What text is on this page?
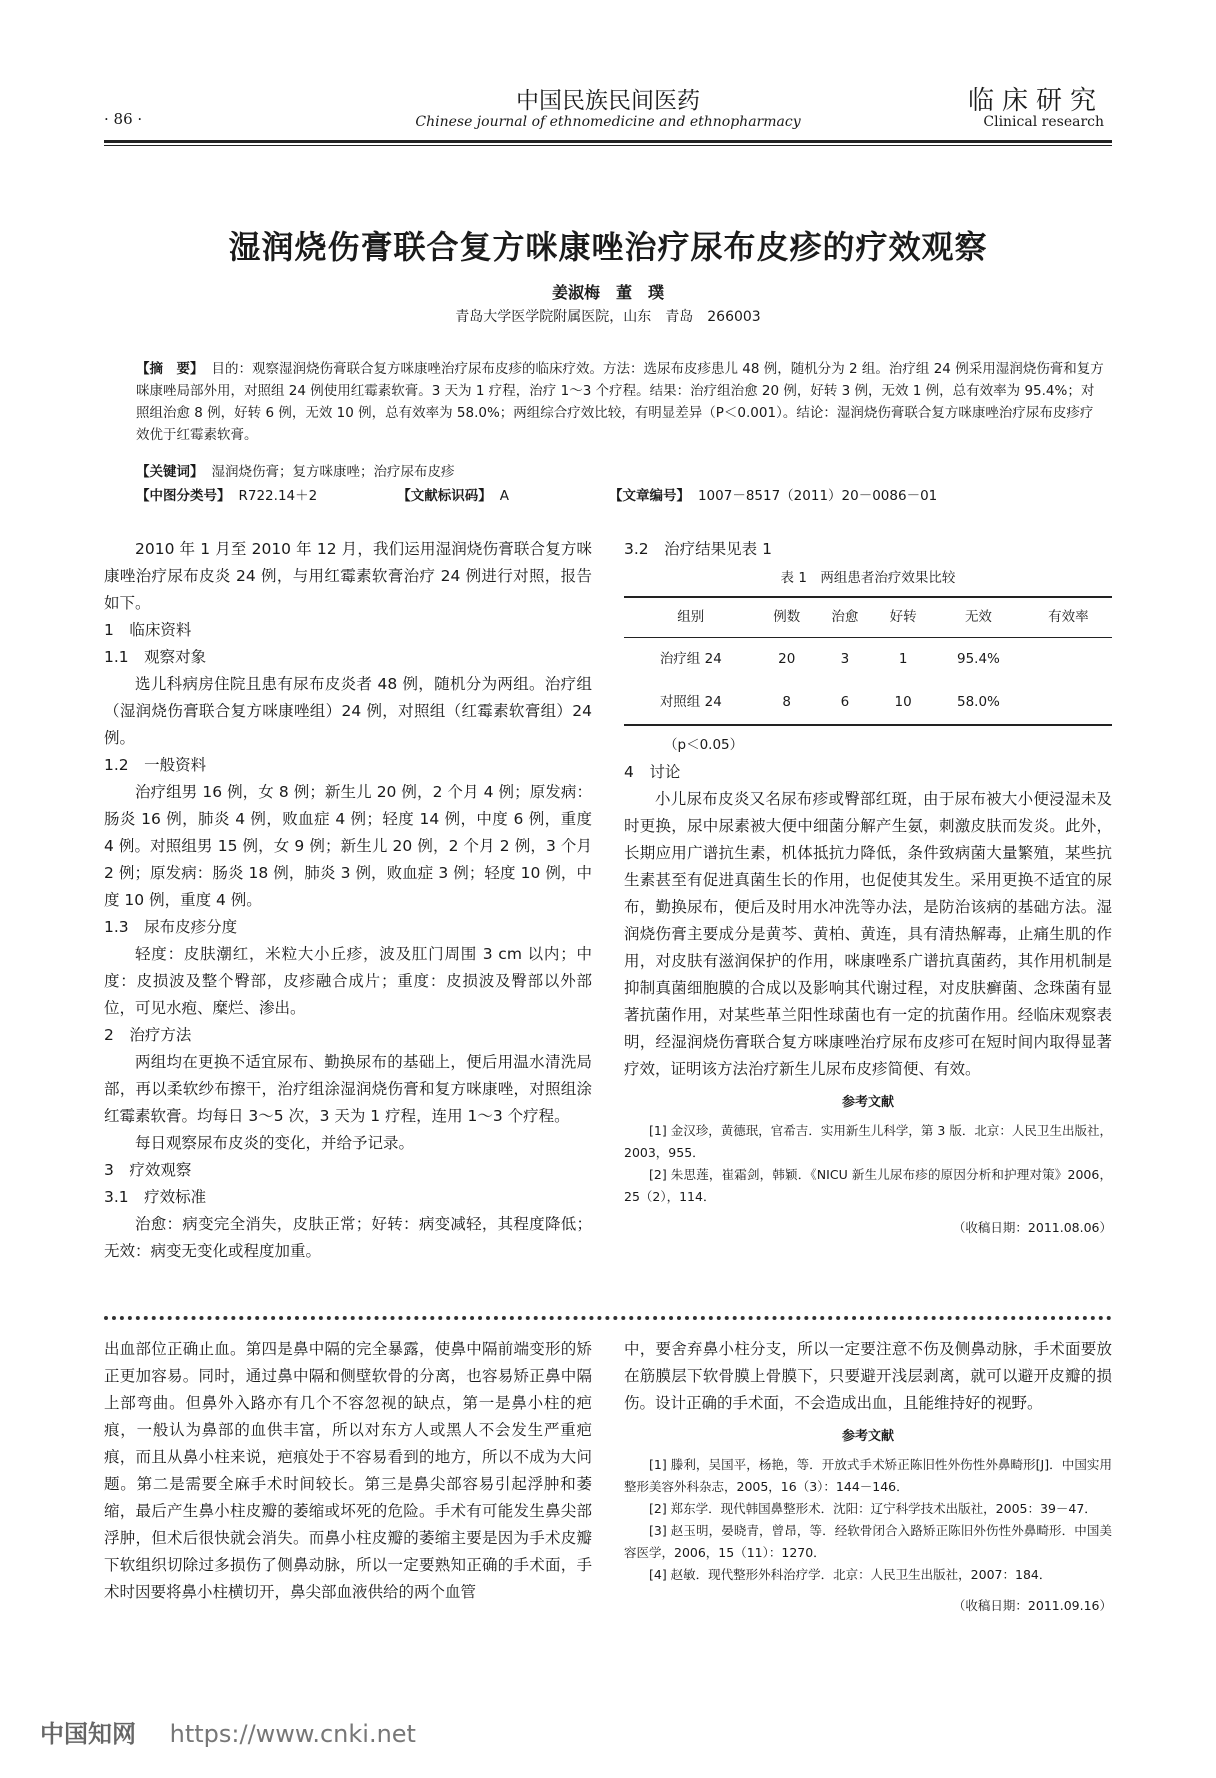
· 86 ·
中国民族民间医药
Chinese journal of ethnomedicine and ethnopharmacy
临床研究
Clinical research
湿润烧伤膏联合复方咪康唑治疗尿布皮疹的疗效观察
姜淑梅　董　璞
青岛大学医学院附属医院，山东　青岛　266003
【摘　要】 目的：观察湿润烧伤膏联合复方咪康唑治疗尿布皮疹的临床疗效。方法：选尿布皮疹患儿 48 例，随机分为 2 组。治疗组 24 例采用湿润烧伤膏和复方咪康唑局部外用，对照组 24 例使用红霉素软膏。3 天为 1 疗程，治疗 1～3 个疗程。结果：治疗组治愈 20 例，好转 3 例，无效 1 例，总有效率为 95.4%；对照组治愈 8 例，好转 6 例，无效 10 例，总有效率为 58.0%；两组综合疗效比较，有明显差异（P＜0.001）。结论：湿润烧伤膏联合复方咪康唑治疗尿布皮疹疗效优于红霉素软膏。
【关键词】 湿润烧伤膏；复方咪康唑；治疗尿布皮疹
【中图分类号】 R722.14＋2	【文献标识码】 A	【文章编号】 1007－8517（2011）20－0086－01

2010 年 1 月至 2010 年 12 月，我们运用湿润烧伤膏联合复方咪康唑治疗尿布皮炎 24 例，与用红霉素软膏治疗 24 例进行对照，报告如下。

1　临床资料
1.1　观察对象

选儿科病房住院且患有尿布皮炎者 48 例，随机分为两组。治疗组（湿润烧伤膏联合复方咪康唑组）24 例，对照组（红霉素软膏组）24 例。

1.2　一般资料

治疗组男 16 例，女 8 例；新生儿 20 例，2 个月 4 例；原发病：肠炎 16 例，肺炎 4 例，败血症 4 例；轻度 14 例，中度 6 例，重度 4 例。对照组男 15 例，女 9 例；新生儿 20 例，2 个月 2 例，3 个月 2 例；原发病：肠炎 18 例，肺炎 3 例，败血症 3 例；轻度 10 例，中度 10 例，重度 4 例。

1.3　尿布皮疹分度

轻度：皮肤潮红，米粒大小丘疹，波及肛门周围 3 cm 以内；中度：皮损波及整个臀部，皮疹融合成片；重度：皮损波及臀部以外部位，可见水疱、糜烂、渗出。

2　治疗方法

两组均在更换不适宜尿布、勤换尿布的基础上，便后用温水清洗局部，再以柔软纱布擦干，治疗组涂湿润烧伤膏和复方咪康唑，对照组涂红霉素软膏。均每日 3～5 次，3 天为 1 疗程，连用 1～3 个疗程。

每日观察尿布皮炎的变化，并给予记录。

3　疗效观察
3.1　疗效标准

治愈：病变完全消失，皮肤正常；好转：病变减轻，其程度降低；无效：病变无变化或程度加重。

3.2　治疗结果见表 1
表 1　两组患者治疗效果比较
组别	例数	治愈	好转	无效	有效率
治疗组 24	20	3	1	95.4%	
对照组 24	8	6	10	58.0%	
（p＜0.05）
4　讨论

小儿尿布皮炎又名尿布疹或臀部红斑，由于尿布被大小便浸湿未及时更换，尿中尿素被大便中细菌分解产生氨，刺激皮肤而发炎。此外，长期应用广谱抗生素，机体抵抗力降低，条件致病菌大量繁殖，某些抗生素甚至有促进真菌生长的作用，也促使其发生。采用更换不适宜的尿布，勤换尿布，便后及时用水冲洗等办法，是防治该病的基础方法。湿润烧伤膏主要成分是黄芩、黄柏、黄连，具有清热解毒，止痛生肌的作用，对皮肤有滋润保护的作用，咪康唑系广谱抗真菌药，其作用机制是抑制真菌细胞膜的合成以及影响其代谢过程，对皮肤癣菌、念珠菌有显著抗菌作用，对某些革兰阳性球菌也有一定的抗菌作用。经临床观察表明，经湿润烧伤膏联合复方咪康唑治疗尿布皮疹可在短时间内取得显著疗效，证明该方法治疗新生儿尿布皮疹简便、有效。

参考文献

[1] 金汉珍，黄德珉，官希吉．实用新生儿科学，第 3 版．北京：人民卫生出版社，2003，955．

[2] 朱思莲，崔霜剑，韩颖．《NICU 新生儿尿布疹的原因分析和护理对策》2006，25（2），114．

（收稿日期：2011.08.06）

出血部位正确止血。第四是鼻中隔的完全暴露，使鼻中隔前端变形的矫正更加容易。同时，通过鼻中隔和侧壁软骨的分离，也容易矫正鼻中隔上部弯曲。但鼻外入路亦有几个不容忽视的缺点，第一是鼻小柱的疤痕，一般认为鼻部的血供丰富，所以对东方人或黑人不会发生严重疤痕，而且从鼻小柱来说，疤痕处于不容易看到的地方，所以不成为大问题。第二是需要全麻手术时间较长。第三是鼻尖部容易引起浮肿和萎缩，最后产生鼻小柱皮瓣的萎缩或坏死的危险。手术有可能发生鼻尖部浮肿，但术后很快就会消失。而鼻小柱皮瓣的萎缩主要是因为手术皮瓣下软组织切除过多损伤了侧鼻动脉，所以一定要熟知正确的手术面，手术时因要将鼻小柱横切开，鼻尖部血液供给的两个血管

中，要舍弃鼻小柱分支，所以一定要注意不伤及侧鼻动脉，手术面要放在筋膜层下软骨膜上骨膜下，只要避开浅层剥离，就可以避开皮瓣的损伤。设计正确的手术面，不会造成出血，且能维持好的视野。

参考文献

[1] 滕利，吴国平，杨艳，等．开放式手术矫正陈旧性外伤性外鼻畸形[J]．中国实用整形美容外科杂志，2005，16（3）：144－146．

[2] 郑东学．现代韩国鼻整形术．沈阳：辽宁科学技术出版社，2005：39－47．

[3] 赵玉明，晏晓青，曾昂，等．经软骨闭合入路矫正陈旧外伤性外鼻畸形．中国美容医学，2006，15（11）：1270．

[4] 赵敏．现代整形外科治疗学．北京：人民卫生出版社，2007：184．

（收稿日期：2011.09.16）
中国知网 https://www.cnki.net
